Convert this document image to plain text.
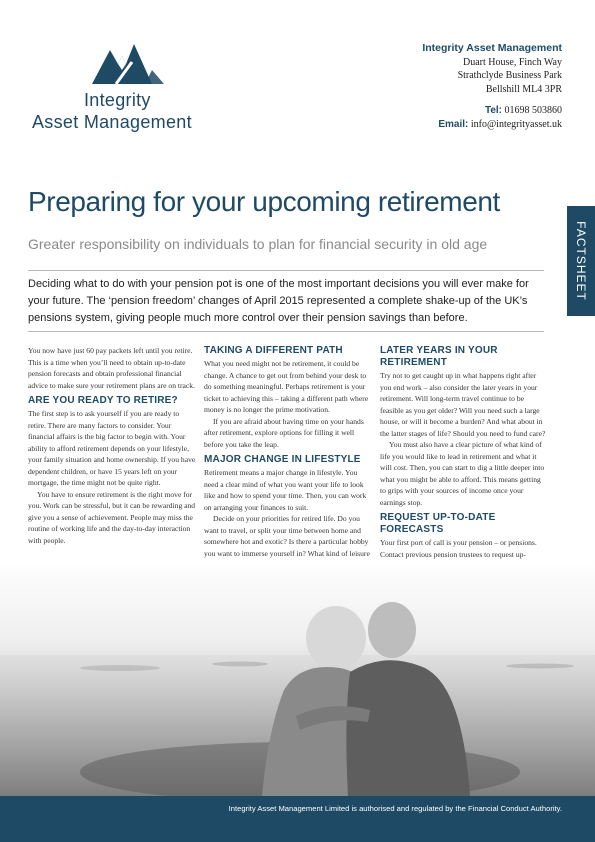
Integrity
Asset Management
Integrity Asset Management
Duart House, Finch Way
Strathclyde Business Park
Bellshill ML4 3PR
Tel: 01698 503860
Email: info@integrityasset.uk
Preparing for your upcoming retirement
Greater responsibility on individuals to plan for financial security in old age	FACTSHEET
Deciding what to do with your pension pot is one of the most important decisions you will ever make for your future. The ‘pension freedom’ changes of April 2015 represented a complete shake-up of the UK’s pensions system, giving people much more control over their pension savings than before.

You now have just 60 pay packets left until you retire. This is a time when you’ll need to obtain up-to-date pension forecasts and obtain professional financial advice to make sure your retirement plans are on track.

ARE YOU READY TO RETIRE?

The first step is to ask yourself if you are ready to retire. There are many factors to consider. Your financial affairs is the big factor to begin with. Your ability to afford retirement depends on your lifestyle, your family situation and home ownership. If you have dependent children, or have 15 years left on your mortgage, the time might not be quite right.

You have to ensure retirement is the right move for you. Work can be stressful, but it can be rewarding and give you a sense of achievement. People may miss the routine of working life and the day-to-day interaction with people.

TAKING A DIFFERENT PATH

What you need might not be retirement, it could be change. A chance to get out from behind your desk to do something meaningful. Perhaps retirement is your ticket to achieving this – taking a different path where money is no longer the prime motivation.

If you are afraid about having time on your hands after retirement, explore options for filling it well before you take the leap.

MAJOR CHANGE IN LIFESTYLE

Retirement means a major change in lifestyle. You need a clear mind of what you want your life to look like and how to spend your time. Then, you can work on arranging your finances to suit.

Decide on your priorities for retired life. Do you want to travel, or split your time between home and somewhere hot and exotic? Is there a particular hobby you want to immerse yourself in? What kind of leisure

LATER YEARS IN YOUR RETIREMENT

Try not to get caught up in what happens right after you end work – also consider the later years in your retirement. Will long-term travel continue to be feasible as you get older? Will you need such a large house, or will it become a burden? And what about in the latter stages of life? Should you need to fund care?

You must also have a clear picture of what kind of life you would like to lead in retirement and what it will cost. Then, you can start to dig a little deeper into what you might be able to afford. This means getting to grips with your sources of income once your earnings stop.

REQUEST UP-TO-DATE FORECASTS

Your first port of call is your pension – or pensions. Contact previous pension trustees to request up-

Integrity Asset Management Limited is authorised and regulated by the Financial Conduct Authority.
